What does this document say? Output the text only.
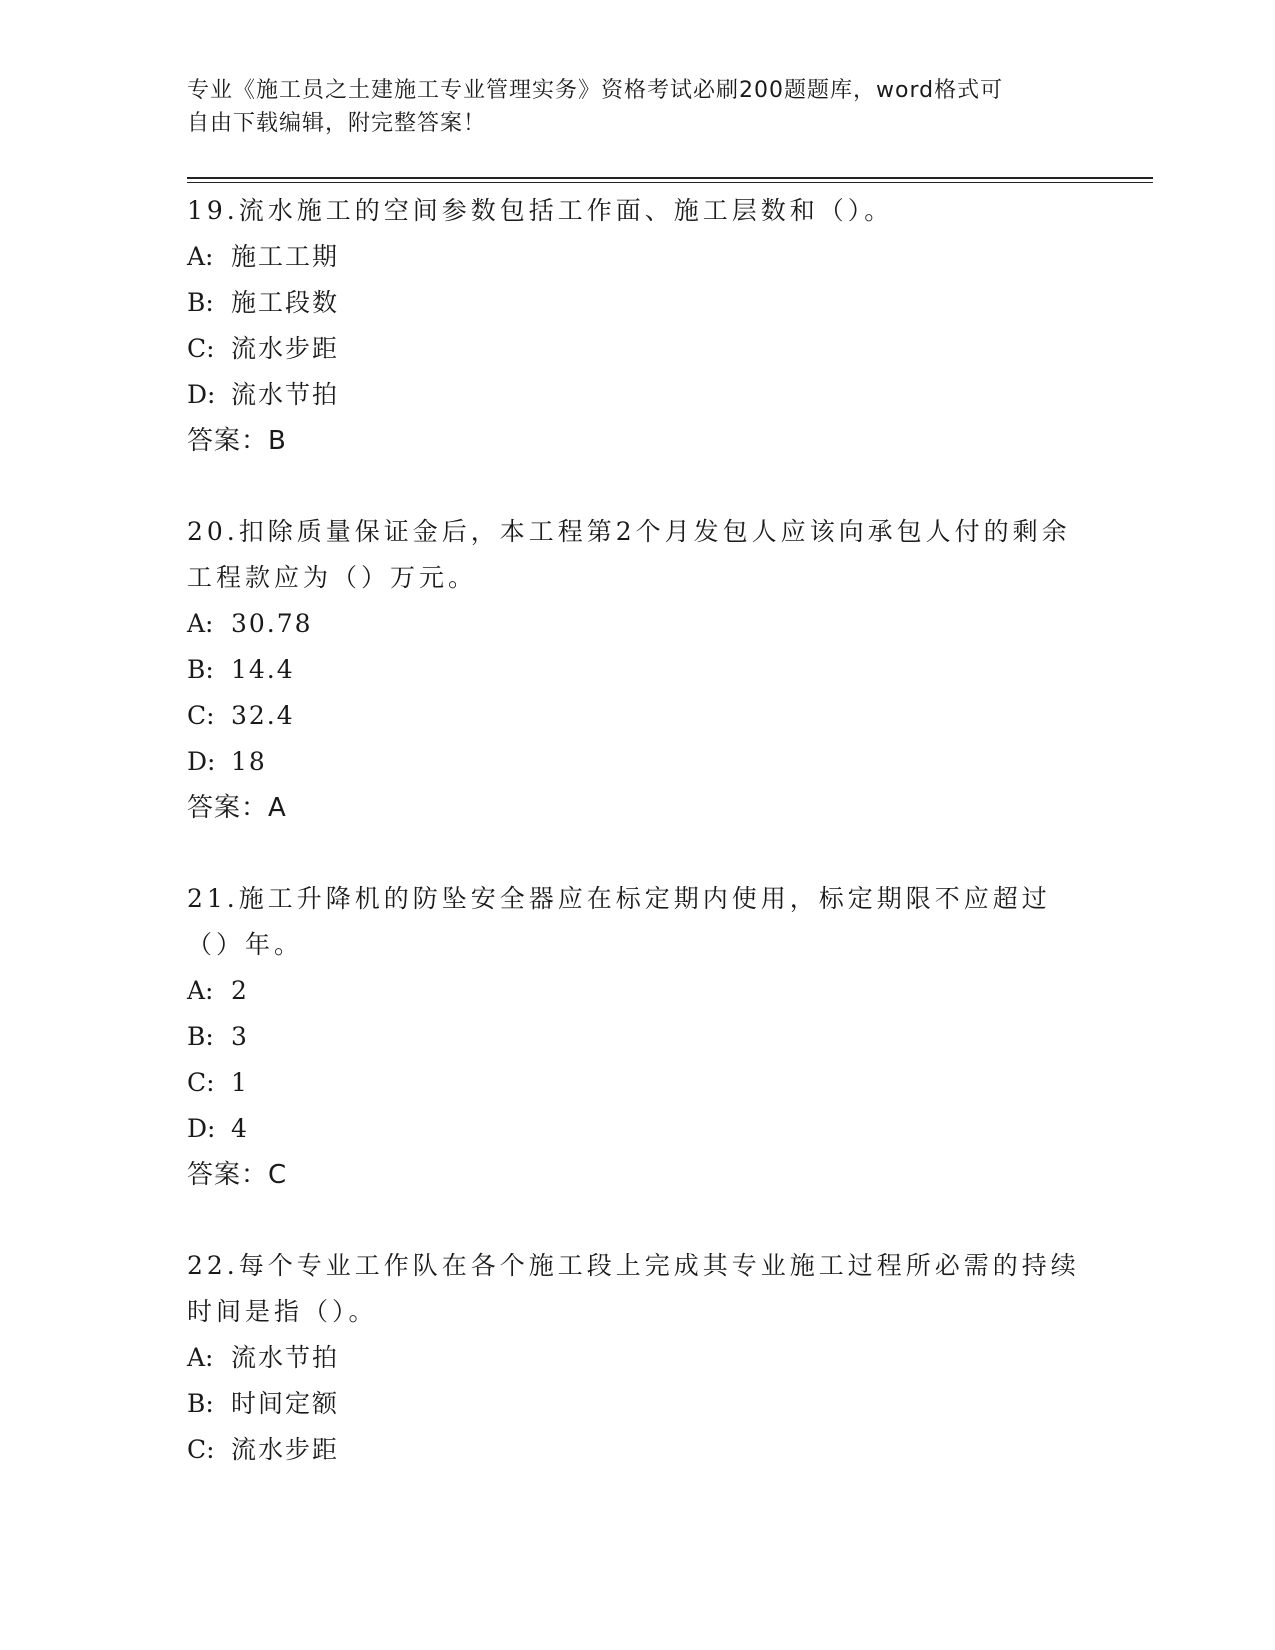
专业《施工员之土建施工专业管理实务》资格考试必刷200题题库，word格式可
自由下载编辑，附完整答案！
19.流水施工的空间参数包括工作面、施工层数和（）。
A: 施工工期
B: 施工段数
C: 流水步距
D: 流水节拍
答案：B
20.扣除质量保证金后，本工程第2个月发包人应该向承包人付的剩余工程款应为（）万元。
A: 30.78
B: 14.4
C: 32.4
D: 18
答案：A
21.施工升降机的防坠安全器应在标定期内使用，标定期限不应超过（）年。
A: 2
B: 3
C: 1
D: 4
答案：C
22.每个专业工作队在各个施工段上完成其专业施工过程所必需的持续时间是指（）。
A: 流水节拍
B: 时间定额
C: 流水步距
